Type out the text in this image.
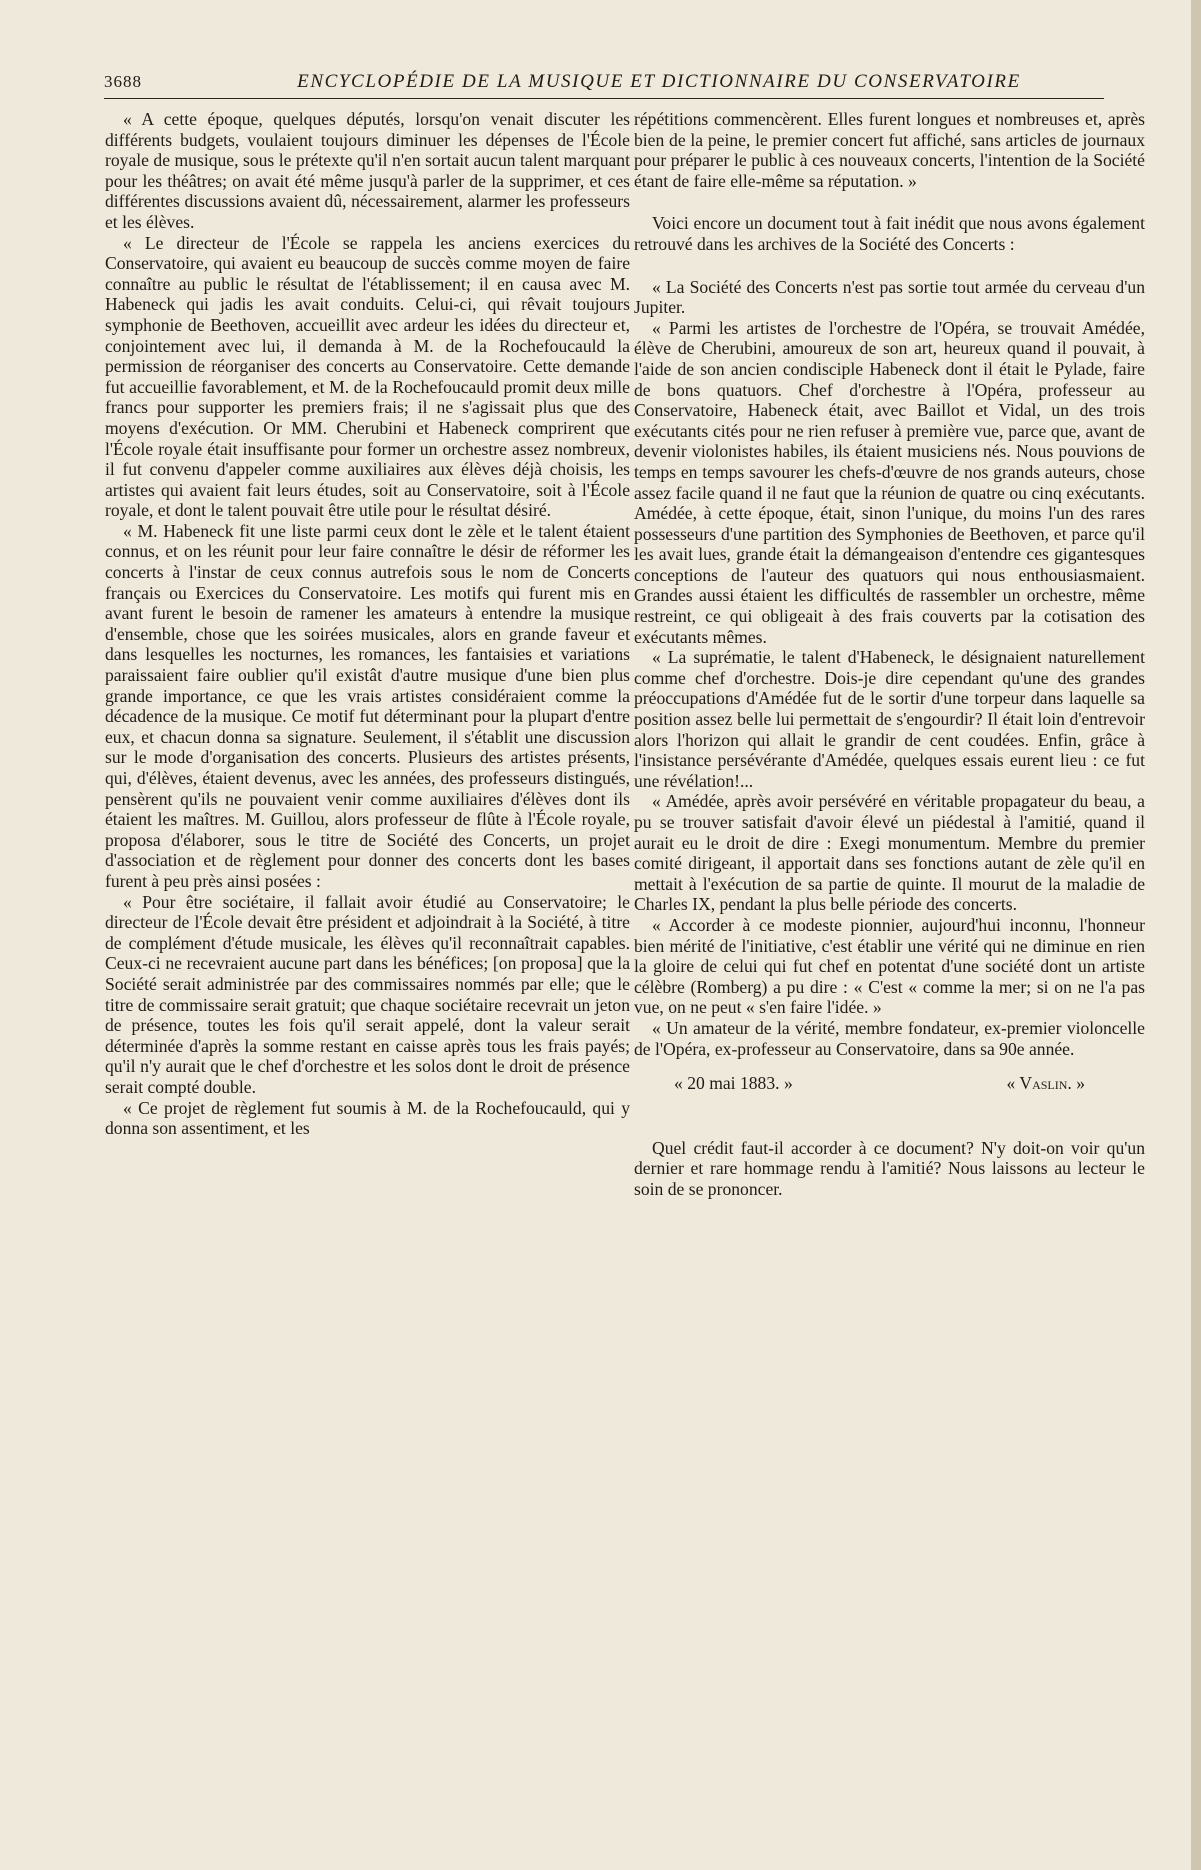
3688	ENCYCLOPÉDIE DE LA MUSIQUE ET DICTIONNAIRE DU CONSERVATOIRE

« A cette époque, quelques députés, lorsqu'on venait discuter les différents budgets, voulaient toujours diminuer les dépenses de l'École royale de musique, sous le prétexte qu'il n'en sortait aucun talent marquant pour les théâtres; on avait été même jusqu'à parler de la supprimer, et ces différentes discussions avaient dû, nécessairement, alarmer les professeurs et les élèves.

« Le directeur de l'École se rappela les anciens exercices du Conservatoire, qui avaient eu beaucoup de succès comme moyen de faire connaître au public le résultat de l'établissement; il en causa avec M. Habeneck qui jadis les avait conduits. Celui-ci, qui rêvait toujours symphonie de Beethoven, accueillit avec ardeur les idées du directeur et, conjointement avec lui, il demanda à M. de la Rochefoucauld la permission de réorganiser des concerts au Conservatoire. Cette demande fut accueillie favorablement, et M. de la Rochefoucauld promit deux mille francs pour supporter les premiers frais; il ne s'agissait plus que des moyens d'exécution. Or MM. Cherubini et Habeneck comprirent que l'École royale était insuffisante pour former un orchestre assez nombreux, il fut convenu d'appeler comme auxiliaires aux élèves déjà choisis, les artistes qui avaient fait leurs études, soit au Conservatoire, soit à l'École royale, et dont le talent pouvait être utile pour le résultat désiré.

« M. Habeneck fit une liste parmi ceux dont le zèle et le talent étaient connus, et on les réunit pour leur faire connaître le désir de réformer les concerts à l'instar de ceux connus autrefois sous le nom de Concerts français ou Exercices du Conservatoire. Les motifs qui furent mis en avant furent le besoin de ramener les amateurs à entendre la musique d'ensemble, chose que les soirées musicales, alors en grande faveur et dans lesquelles les nocturnes, les romances, les fantaisies et variations paraissaient faire oublier qu'il existât d'autre musique d'une bien plus grande importance, ce que les vrais artistes considéraient comme la décadence de la musique. Ce motif fut déterminant pour la plupart d'entre eux, et chacun donna sa signature. Seulement, il s'établit une discussion sur le mode d'organisation des concerts. Plusieurs des artistes présents, qui, d'élèves, étaient devenus, avec les années, des professeurs distingués, pensèrent qu'ils ne pouvaient venir comme auxiliaires d'élèves dont ils étaient les maîtres. M. Guillou, alors professeur de flûte à l'École royale, proposa d'élaborer, sous le titre de Société des Concerts, un projet d'association et de règlement pour donner des concerts dont les bases furent à peu près ainsi posées :

« Pour être sociétaire, il fallait avoir étudié au Conservatoire; le directeur de l'École devait être président et adjoindrait à la Société, à titre de complément d'étude musicale, les élèves qu'il reconnaîtrait capables. Ceux-ci ne recevraient aucune part dans les bénéfices; [on proposa] que la Société serait administrée par des commissaires nommés par elle; que le titre de commissaire serait gratuit; que chaque sociétaire recevrait un jeton de présence, toutes les fois qu'il serait appelé, dont la valeur serait déterminée d'après la somme restant en caisse après tous les frais payés; qu'il n'y aurait que le chef d'orchestre et les solos dont le droit de présence serait compté double.

« Ce projet de règlement fut soumis à M. de la Rochefoucauld, qui y donna son assentiment, et les

répétitions commencèrent. Elles furent longues et nombreuses et, après bien de la peine, le premier concert fut affiché, sans articles de journaux pour préparer le public à ces nouveaux concerts, l'intention de la Société étant de faire elle-même sa réputation. »

Voici encore un document tout à fait inédit que nous avons également retrouvé dans les archives de la Société des Concerts :

« La Société des Concerts n'est pas sortie tout armée du cerveau d'un Jupiter.

« Parmi les artistes de l'orchestre de l'Opéra, se trouvait Amédée, élève de Cherubini, amoureux de son art, heureux quand il pouvait, à l'aide de son ancien condisciple Habeneck dont il était le Pylade, faire de bons quatuors. Chef d'orchestre à l'Opéra, professeur au Conservatoire, Habeneck était, avec Baillot et Vidal, un des trois exécutants cités pour ne rien refuser à première vue, parce que, avant de devenir violonistes habiles, ils étaient musiciens nés. Nous pouvions de temps en temps savourer les chefs-d'œuvre de nos grands auteurs, chose assez facile quand il ne faut que la réunion de quatre ou cinq exécutants. Amédée, à cette époque, était, sinon l'unique, du moins l'un des rares possesseurs d'une partition des Symphonies de Beethoven, et parce qu'il les avait lues, grande était la démangeaison d'entendre ces gigantesques conceptions de l'auteur des quatuors qui nous enthousiasmaient. Grandes aussi étaient les difficultés de rassembler un orchestre, même restreint, ce qui obligeait à des frais couverts par la cotisation des exécutants mêmes.

« La suprématie, le talent d'Habeneck, le désignaient naturellement comme chef d'orchestre. Dois-je dire cependant qu'une des grandes préoccupations d'Amédée fut de le sortir d'une torpeur dans laquelle sa position assez belle lui permettait de s'engourdir? Il était loin d'entrevoir alors l'horizon qui allait le grandir de cent coudées. Enfin, grâce à l'insistance persévérante d'Amédée, quelques essais eurent lieu : ce fut une révélation!...

« Amédée, après avoir persévéré en véritable propagateur du beau, a pu se trouver satisfait d'avoir élevé un piédestal à l'amitié, quand il aurait eu le droit de dire : Exegi monumentum. Membre du premier comité dirigeant, il apportait dans ses fonctions autant de zèle qu'il en mettait à l'exécution de sa partie de quinte. Il mourut de la maladie de Charles IX, pendant la plus belle période des concerts.

« Accorder à ce modeste pionnier, aujourd'hui inconnu, l'honneur bien mérité de l'initiative, c'est établir une vérité qui ne diminue en rien la gloire de celui qui fut chef en potentat d'une société dont un artiste célèbre (Romberg) a pu dire : « C'est « comme la mer; si on ne l'a pas vue, on ne peut « s'en faire l'idée. »

« Un amateur de la vérité, membre fondateur, ex-premier violoncelle de l'Opéra, ex-professeur au Conservatoire, dans sa 90e année.

« 20 mai 1883. »	« Vaslin. »

Quel crédit faut-il accorder à ce document? N'y doit-on voir qu'un dernier et rare hommage rendu à l'amitié? Nous laissons au lecteur le soin de se prononcer.
